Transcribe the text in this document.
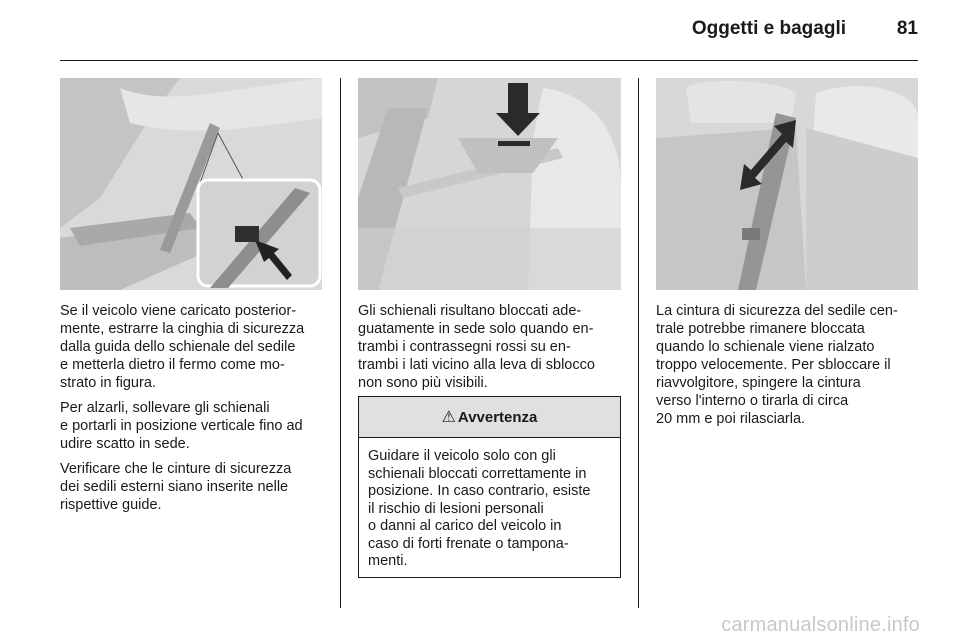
Oggetti e bagagli	81

Se il veicolo viene caricato posterior-
mente, estrarre la cinghia di sicurezza
dalla guida dello schienale del sedile
e metterla dietro il fermo come mo-
strato in figura.

Per alzarli, sollevare gli schienali
e portarli in posizione verticale fino ad
udire scatto in sede.

Verificare che le cinture di sicurezza
dei sedili esterni siano inserite nelle
rispettive guide.

Gli schienali risultano bloccati ade-
guatamente in sede solo quando en-
trambi i contrassegni rossi su en-
trambi i lati vicino alla leva di sblocco
non sono più visibili.

⚠ Avvertenza
Guidare il veicolo solo con gli
schienali bloccati correttamente in
posizione. In caso contrario, esiste
il rischio di lesioni personali
o danni al carico del veicolo in
caso di forti frenate o tampona-
menti.

La cintura di sicurezza del sedile cen-
trale potrebbe rimanere bloccata
quando lo schienale viene rialzato
troppo velocemente. Per sbloccare il
riavvolgitore, spingere la cintura
verso l'interno o tirarla di circa
20 mm e poi rilasciarla.

carmanualsonline.info
